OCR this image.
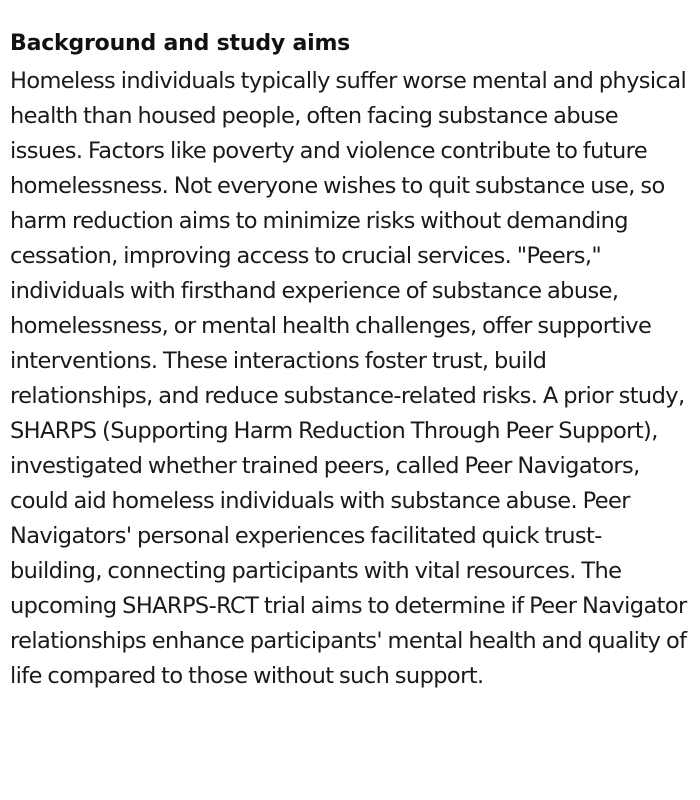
Background and study aims

Homeless individuals typically suffer worse mental and physical health than housed people, often facing substance abuse issues. Factors like poverty and violence contribute to future homelessness. Not everyone wishes to quit substance use, so harm reduction aims to minimize risks without demanding cessation, improving access to crucial services. "Peers," individuals with firsthand experience of substance abuse, homelessness, or mental health challenges, offer supportive interventions. These interactions foster trust, build relationships, and reduce substance-related risks. A prior study, SHARPS (Supporting Harm Reduction Through Peer Support), investigated whether trained peers, called Peer Navigators, could aid homeless individuals with substance abuse. Peer Navigators' personal experiences facilitated quick trust-building, connecting participants with vital resources. The upcoming SHARPS-RCT trial aims to determine if Peer Navigator relationships enhance participants' mental health and quality of life compared to those without such support.
